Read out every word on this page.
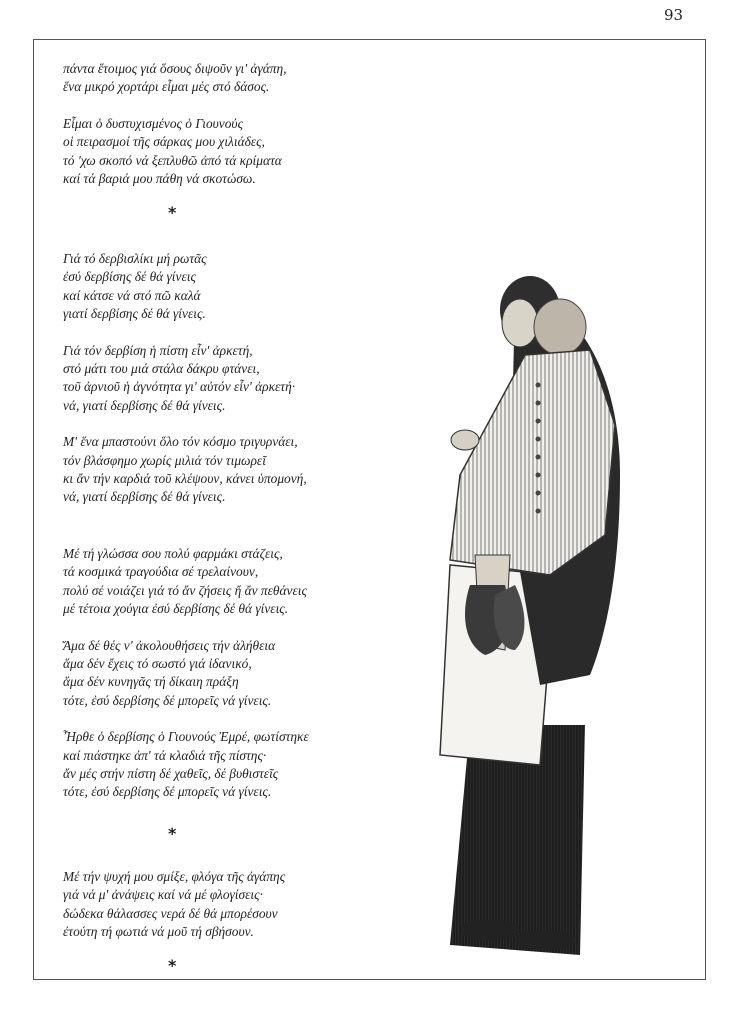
93
πάντα ἕτοιμος γιά ὅσους διψοῦν γι' ἀγάπη,
ἕνα μικρό χορτάρι εἶμαι μές στό δάσος.
Εἶμαι ὁ δυστυχισμένος ὁ Γιουνούς
οἱ πειρασμοί τῆς σάρκας μου χιλιάδες,
τό 'χω σκοπό νά ξεπλυθῶ ἀπό τά κρίματα
καί τά βαριά μου πάθη νά σκοτώσω.
*
Γιά τό δερβισλίκι μή ρωτᾶς
ἐσύ δερβίσης δέ θά γίνεις
καί κάτσε νά στό πῶ καλά
γιατί δερβίσης δέ θά γίνεις.
Γιά τόν δερβίση ἡ πίστη εἶν' ἀρκετή,
στό μάτι του μιά στάλα δάκρυ φτάνει,
τοῦ ἀρνιοῦ ἡ ἀγνότητα γι' αὐτόν εἶν' ἀρκετή·
νά, γιατί δερβίσης δέ θά γίνεις.
Μ' ἕνα μπαστούνι ὅλο τόν κόσμο τριγυρνάει,
τόν βλάσφημο χωρίς μιλιά τόν τιμωρεῖ
κι ἄν τήν καρδιά τοῦ κλέψουν, κάνει ὑπομονή,
νά, γιατί δερβίσης δέ θά γίνεις.
Μέ τή γλώσσα σου πολύ φαρμάκι στάζεις,
τά κοσμικά τραγούδια σέ τρελαίνουν,
πολύ σέ νοιάζει γιά τό ἄν ζήσεις ἤ ἄν πεθάνεις
μέ τέτοια χούγια ἐσύ δερβίσης δέ θά γίνεις.
Ἄμα δέ θές ν' ἀκολουθήσεις τήν ἀλήθεια
ἅμα δέν ἔχεις τό σωστό γιά ἰδανικό,
ἅμα δέν κυνηγᾶς τή δίκαιη πράξη
τότε, ἐσύ δερβίσης δέ μπορεῖς νά γίνεις.
Ἦρθε ὁ δερβίσης ὁ Γιουνούς Ἐμρέ, φωτίστηκε
καί πιάστηκε ἀπ' τά κλαδιά τῆς πίστης·
ἄν μές στήν πίστη δέ χαθεῖς, δέ βυθιστεῖς
τότε, ἐσύ δερβίσης δέ μπορεῖς νά γίνεις.
*
Μέ τήν ψυχή μου σμίξε, φλόγα τῆς ἀγάπης
γιά νά μ' ἀνάψεις καί νά μέ φλογίσεις·
δώδεκα θάλασσες νερά δέ θά μπορέσουν
ἐτούτη τή φωτιά νά μοῦ τή σβήσουν.
*
